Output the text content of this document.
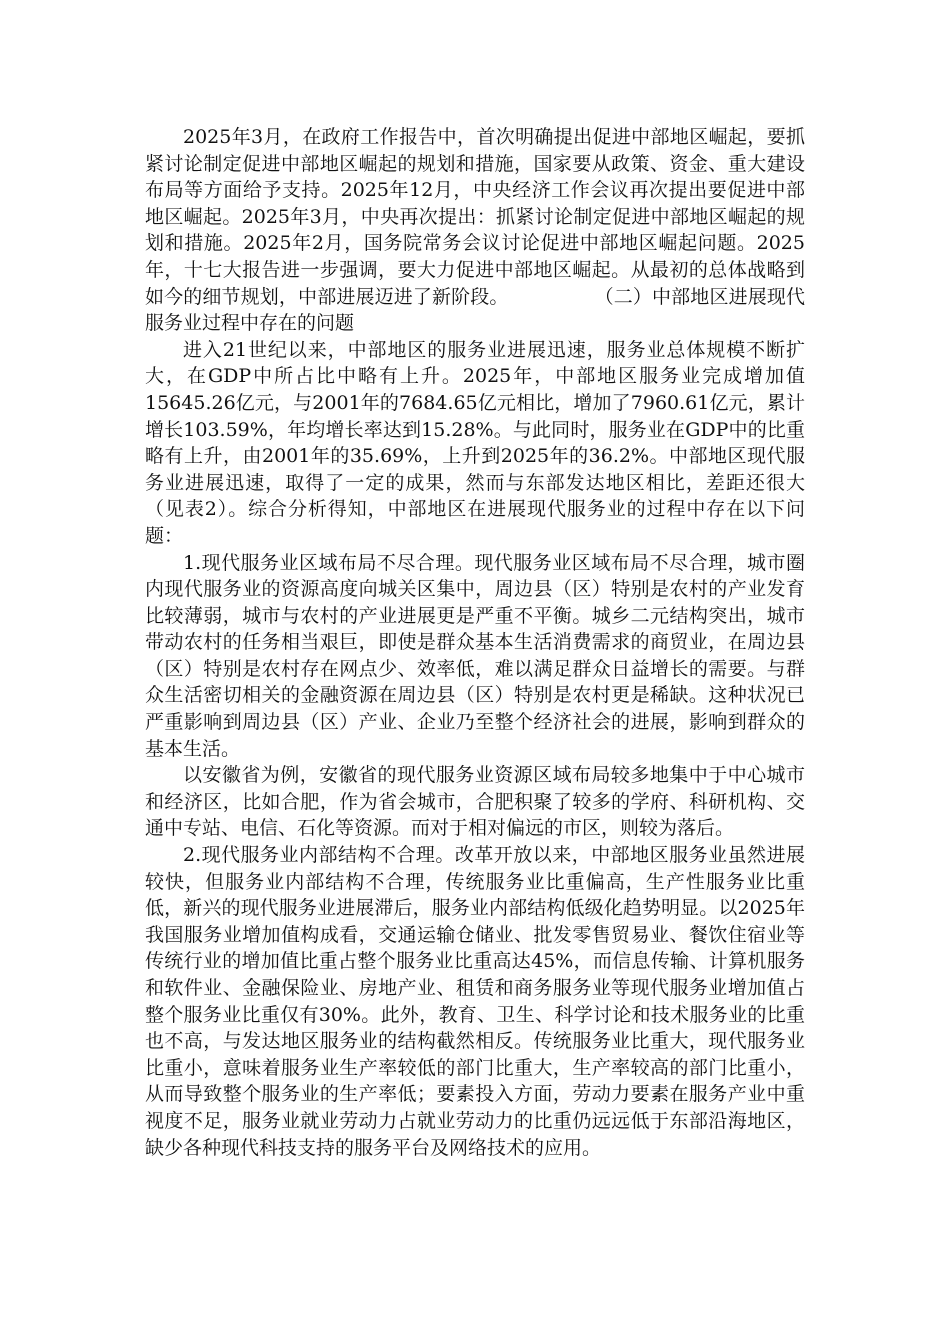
2025年3月，在政府工作报告中，首次明确提出促进中部地区崛起，要抓紧讨论制定促进中部地区崛起的规划和措施，国家要从政策、资金、重大建设布局等方面给予支持。2025年12月，中央经济工作会议再次提出要促进中部地区崛起。2025年3月，中央再次提出：抓紧讨论制定促进中部地区崛起的规划和措施。2025年2月，国务院常务会议讨论促进中部地区崛起问题。2025年，十七大报告进一步强调，要大力促进中部地区崛起。从最初的总体战略到如今的细节规划，中部进展迈进了新阶段。	（二）中部地区进展现代服务业过程中存在的问题

进入21世纪以来，中部地区的服务业进展迅速，服务业总体规模不断扩大，在GDP中所占比中略有上升。2025年，中部地区服务业完成增加值15645.26亿元，与2001年的7684.65亿元相比，增加了7960.61亿元，累计增长103.59%，年均增长率达到15.28%。与此同时，服务业在GDP中的比重略有上升，由2001年的35.69%，上升到2025年的36.2%。中部地区现代服务业进展迅速，取得了一定的成果，然而与东部发达地区相比，差距还很大（见表2）。综合分析得知，中部地区在进展现代服务业的过程中存在以下问题：

1.现代服务业区域布局不尽合理。现代服务业区域布局不尽合理，城市圈内现代服务业的资源高度向城关区集中，周边县（区）特别是农村的产业发育比较薄弱，城市与农村的产业进展更是严重不平衡。城乡二元结构突出，城市带动农村的任务相当艰巨，即使是群众基本生活消费需求的商贸业，在周边县（区）特别是农村存在网点少、效率低，难以满足群众日益增长的需要。与群众生活密切相关的金融资源在周边县（区）特别是农村更是稀缺。这种状况已严重影响到周边县（区）产业、企业乃至整个经济社会的进展，影响到群众的基本生活。

以安徽省为例，安徽省的现代服务业资源区域布局较多地集中于中心城市和经济区，比如合肥，作为省会城市，合肥积聚了较多的学府、科研机构、交通中专站、电信、石化等资源。而对于相对偏远的市区，则较为落后。

2.现代服务业内部结构不合理。改革开放以来，中部地区服务业虽然进展较快，但服务业内部结构不合理，传统服务业比重偏高，生产性服务业比重低，新兴的现代服务业进展滞后，服务业内部结构低级化趋势明显。以2025年我国服务业增加值构成看，交通运输仓储业、批发零售贸易业、餐饮住宿业等传统行业的增加值比重占整个服务业比重高达45%，而信息传输、计算机服务和软件业、金融保险业、房地产业、租赁和商务服务业等现代服务业增加值占整个服务业比重仅有30%。此外，教育、卫生、科学讨论和技术服务业的比重也不高，与发达地区服务业的结构截然相反。传统服务业比重大，现代服务业比重小，意味着服务业生产率较低的部门比重大，生产率较高的部门比重小，从而导致整个服务业的生产率低；要素投入方面，劳动力要素在服务产业中重视度不足，服务业就业劳动力占就业劳动力的比重仍远远低于东部沿海地区，缺少各种现代科技支持的服务平台及网络技术的应用。
